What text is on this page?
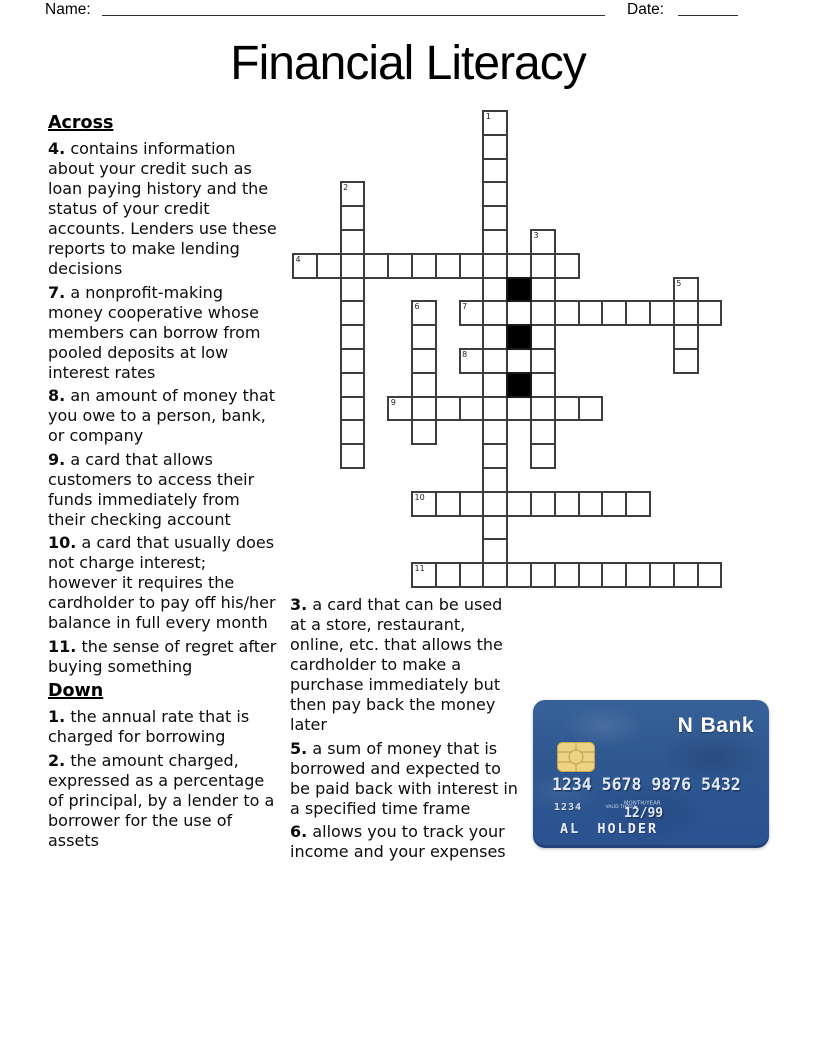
Name:	Date:
Financial Literacy

Across

4. contains information about your credit such as loan paying history and the status of your credit accounts. Lenders use these reports to make lending decisions

7. a nonprofit-making money cooperative whose members can borrow from pooled deposits at low interest rates

8. an amount of money that you owe to a person, bank, or company

9. a card that allows customers to access their funds immediately from their checking account

10. a card that usually does not charge interest; however it requires the cardholder to pay off his/her balance in full every month

11. the sense of regret after buying something

Down

1. the annual rate that is charged for borrowing

2. the amount charged, expressed as a percentage of principal, by a lender to a borrower for the use of assets

3. a card that can be used at a store, restaurant, online, etc. that allows the cardholder to make a purchase immediately but then pay back the money later

5. a sum of money that is borrowed and expected to be paid back with interest in a specified time frame

6. allows you to track your income and your expenses

1
2
3
4
5
6	7
8
9
10
11
N Bank
1234 5678 9876 5432
1234	VALID THRU ▶
MONTH/YEAR
12/99
AL HOLDER
